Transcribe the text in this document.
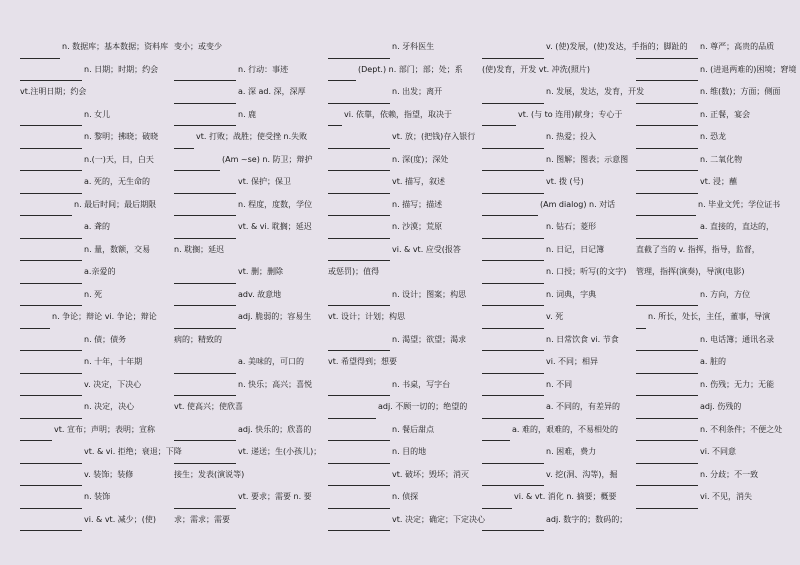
n. 数据库；基本数据；资料库
n. 日期；时期；约会
vt.注明日期；约会
n. 女儿
n. 黎明；拂晓；破晓
n.(一)天，日，白天
a. 死的，无生命的
n. 最后时间；最后期限
a. 聋的
n. 量，数额，交易
a.亲爱的
n. 死
n. 争论；辩论 vi. 争论；辩论
n. 债；债务
n. 十年，十年期
v. 决定，下决心
n. 决定，决心
vt. 宣布；声明；表明；宣称
vt. & vi. 拒绝；衰退；下降
v. 装饰；装修
n. 装饰
vi. & vt. 减少；(使)
变小；或变少
n. 行动：事迹
a. 深 ad. 深，深厚
n. 鹿
vt. 打败；战胜；使受挫 n.失败
(Am ~se) n. 防卫；辩护
vt. 保护；保卫
n. 程度，度数，学位
vt. & vi. 耽搁；延迟
n. 耽搁；延迟
vt. 删；删除
adv. 故意地
adj. 脆弱的；容易生
病的；精致的
a. 美味的，可口的
n. 快乐；高兴；喜悦
vt. 使高兴；使欣喜
adj. 快乐的；欣喜的
vt. 递送；生(小孩儿)；
接生；发表(演说等)
vt. 要求；需要 n. 要
求；需求；需要
n. 牙科医生
(Dept.) n. 部门；部；处；系
n. 出发；离开
vi. 依靠，依赖，指望，取决于
vt. 放；(把钱)存入银行
n. 深(度)；深处
vt. 描写，叙述
n. 描写；描述
n. 沙漠；荒原
vi. & vt. 应受(报答
或惩罚)；值得
n. 设计；图案；构思
vt. 设计；计划；构思
n. 渴望；欲望；渴求
vt. 希望得到；想要
n. 书桌，写字台
adj. 不顾一切的；绝望的
n. 餐后甜点
n. 目的地
vt. 破坏；毁坏；消灭
n. 侦探
vt. 决定；确定；下定决心
v. (使)发展，(使)发达，手指的；脚趾的
(使)发育，开发 vt. 冲洗(照片)
n. 发展，发达，发育，开发
vt. (与 to 连用)献身；专心于
n. 热爱；投入
n. 图解；图表；示意图
vt. 拨 (号)
(Am dialog) n. 对话
n. 钻石；菱形
n. 日记，日记簿
n. 口授；听写(的文字)
n. 词典，字典
v. 死
n. 日常饮食 vi. 节食
vi. 不同；相异
n. 不同
a. 不同的，有差异的
a. 难的，艰难的，不易相处的
n. 困难，费力
v. 挖(洞、沟等)，掘
vi. & vt. 消化 n. 摘要；概要
adj. 数字的；数码的；
n. 尊严；高贵的品质
n. (进退两难的)困境；窘境
n. 维(数)；方面；侧面
n. 正餐，宴会
n. 恐龙
n. 二氧化物
vt. 浸；蘸
n. 毕业文凭；学位证书
a. 直接的，直达的，
直截了当的 v. 指挥，指导，监督，
管理，指挥(演奏)，导演(电影)
n. 方向，方位
n. 所长，处长，主任，董事，导演
n. 电话簿；通讯名录
a. 脏的
n. 伤残；无力；无能
adj. 伤残的
n. 不利条件；不便之处
vi. 不同意
n. 分歧；不一致
vi. 不见，消失
